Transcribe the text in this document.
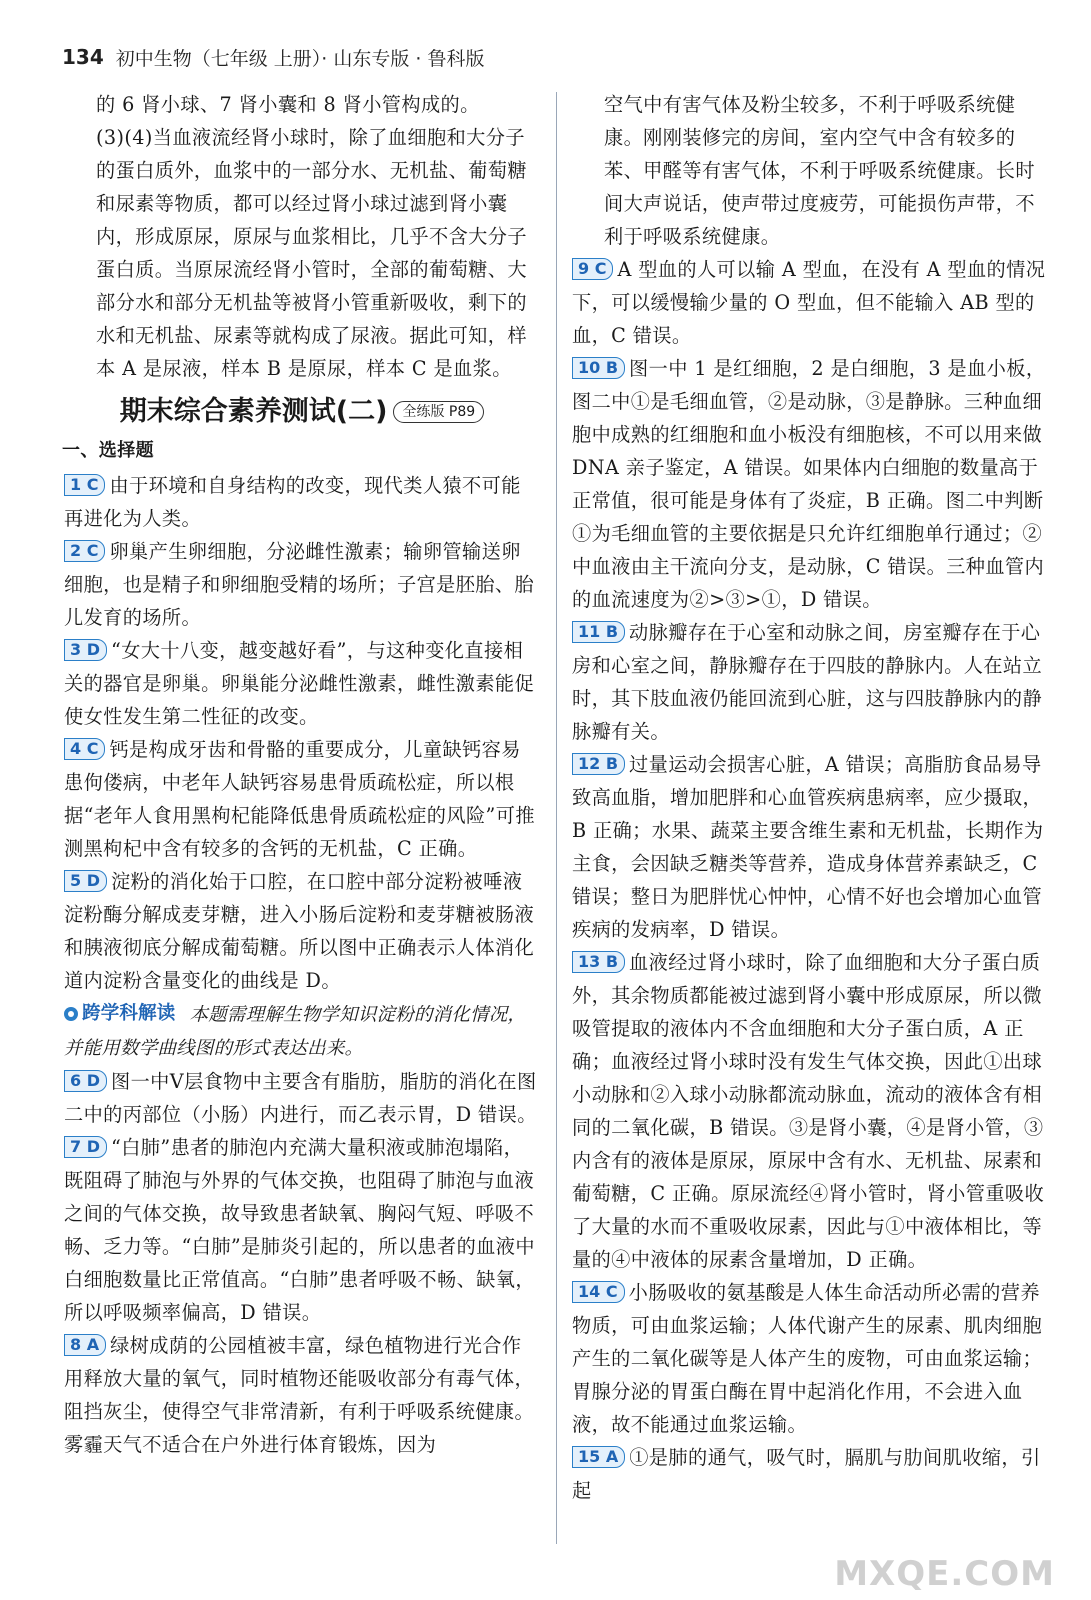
134 初中生物（七年级 上册）· 山东专版 · 鲁科版

的 6 肾小球、7 肾小囊和 8 肾小管构成的。

(3)(4)当血液流经肾小球时，除了血细胞和大分子的蛋白质外，血浆中的一部分水、无机盐、葡萄糖和尿素等物质，都可以经过肾小球过滤到肾小囊内，形成原尿，原尿与血浆相比，几乎不含大分子蛋白质。当原尿流经肾小管时，全部的葡萄糖、大部分水和部分无机盐等被肾小管重新吸收，剩下的水和无机盐、尿素等就构成了尿液。据此可知，样本 A 是尿液，样本 B 是原尿，样本 C 是血浆。

期末综合素养测试(二) 全练版 P89
一、选择题

1 C 由于环境和自身结构的改变，现代类人猿不可能再进化为人类。

2 C 卵巢产生卵细胞，分泌雌性激素；输卵管输送卵细胞，也是精子和卵细胞受精的场所；子宫是胚胎、胎儿发育的场所。

3 D “女大十八变，越变越好看”，与这种变化直接相关的器官是卵巢。卵巢能分泌雌性激素，雌性激素能促使女性发生第二性征的改变。

4 C 钙是构成牙齿和骨骼的重要成分，儿童缺钙容易患佝偻病，中老年人缺钙容易患骨质疏松症，所以根据“老年人食用黑枸杞能降低患骨质疏松症的风险”可推测黑枸杞中含有较多的含钙的无机盐，C 正确。

5 D 淀粉的消化始于口腔，在口腔中部分淀粉被唾液淀粉酶分解成麦芽糖，进入小肠后淀粉和麦芽糖被肠液和胰液彻底分解成葡萄糖。所以图中正确表示人体消化道内淀粉含量变化的曲线是 D。

跨学科解读 本题需理解生物学知识淀粉的消化情况，并能用数学曲线图的形式表达出来。

6 D 图一中Ⅴ层食物中主要含有脂肪，脂肪的消化在图二中的丙部位（小肠）内进行，而乙表示胃，D 错误。

7 D “白肺”患者的肺泡内充满大量积液或肺泡塌陷，既阻碍了肺泡与外界的气体交换，也阻碍了肺泡与血液之间的气体交换，故导致患者缺氧、胸闷气短、呼吸不畅、乏力等。“白肺”是肺炎引起的，所以患者的血液中白细胞数量比正常值高。“白肺”患者呼吸不畅、缺氧，所以呼吸频率偏高，D 错误。

8 A 绿树成荫的公园植被丰富，绿色植物进行光合作用释放大量的氧气，同时植物还能吸收部分有毒气体，阻挡灰尘，使得空气非常清新，有利于呼吸系统健康。雾霾天气不适合在户外进行体育锻炼，因为

空气中有害气体及粉尘较多，不利于呼吸系统健康。刚刚装修完的房间，室内空气中含有较多的苯、甲醛等有害气体，不利于呼吸系统健康。长时间大声说话，使声带过度疲劳，可能损伤声带，不利于呼吸系统健康。

9 C A 型血的人可以输 A 型血，在没有 A 型血的情况下，可以缓慢输少量的 O 型血，但不能输入 AB 型的血，C 错误。

10 B 图一中 1 是红细胞，2 是白细胞，3 是血小板，图二中①是毛细血管，②是动脉，③是静脉。三种血细胞中成熟的红细胞和血小板没有细胞核，不可以用来做 DNA 亲子鉴定，A 错误。如果体内白细胞的数量高于正常值，很可能是身体有了炎症，B 正确。图二中判断①为毛细血管的主要依据是只允许红细胞单行通过；②中血液由主干流向分支，是动脉，C 错误。三种血管内的血流速度为②>③>①，D 错误。

11 B 动脉瓣存在于心室和动脉之间，房室瓣存在于心房和心室之间，静脉瓣存在于四肢的静脉内。人在站立时，其下肢血液仍能回流到心脏，这与四肢静脉内的静脉瓣有关。

12 B 过量运动会损害心脏，A 错误；高脂肪食品易导致高血脂，增加肥胖和心血管疾病患病率，应少摄取，B 正确；水果、蔬菜主要含维生素和无机盐，长期作为主食，会因缺乏糖类等营养，造成身体营养素缺乏，C 错误；整日为肥胖忧心忡忡，心情不好也会增加心血管疾病的发病率，D 错误。

13 B 血液经过肾小球时，除了血细胞和大分子蛋白质外，其余物质都能被过滤到肾小囊中形成原尿，所以微吸管提取的液体内不含血细胞和大分子蛋白质，A 正确；血液经过肾小球时没有发生气体交换，因此①出球小动脉和②入球小动脉都流动脉血，流动的液体含有相同的二氧化碳，B 错误。③是肾小囊，④是肾小管，③内含有的液体是原尿，原尿中含有水、无机盐、尿素和葡萄糖，C 正确。原尿流经④肾小管时，肾小管重吸收了大量的水而不重吸收尿素，因此与①中液体相比，等量的④中液体的尿素含量增加，D 正确。

14 C 小肠吸收的氨基酸是人体生命活动所必需的营养物质，可由血浆运输；人体代谢产生的尿素、肌肉细胞产生的二氧化碳等是人体产生的废物，可由血浆运输；胃腺分泌的胃蛋白酶在胃中起消化作用，不会进入血液，故不能通过血浆运输。

15 A ①是肺的通气，吸气时，膈肌与肋间肌收缩，引起

MXQE.COM
